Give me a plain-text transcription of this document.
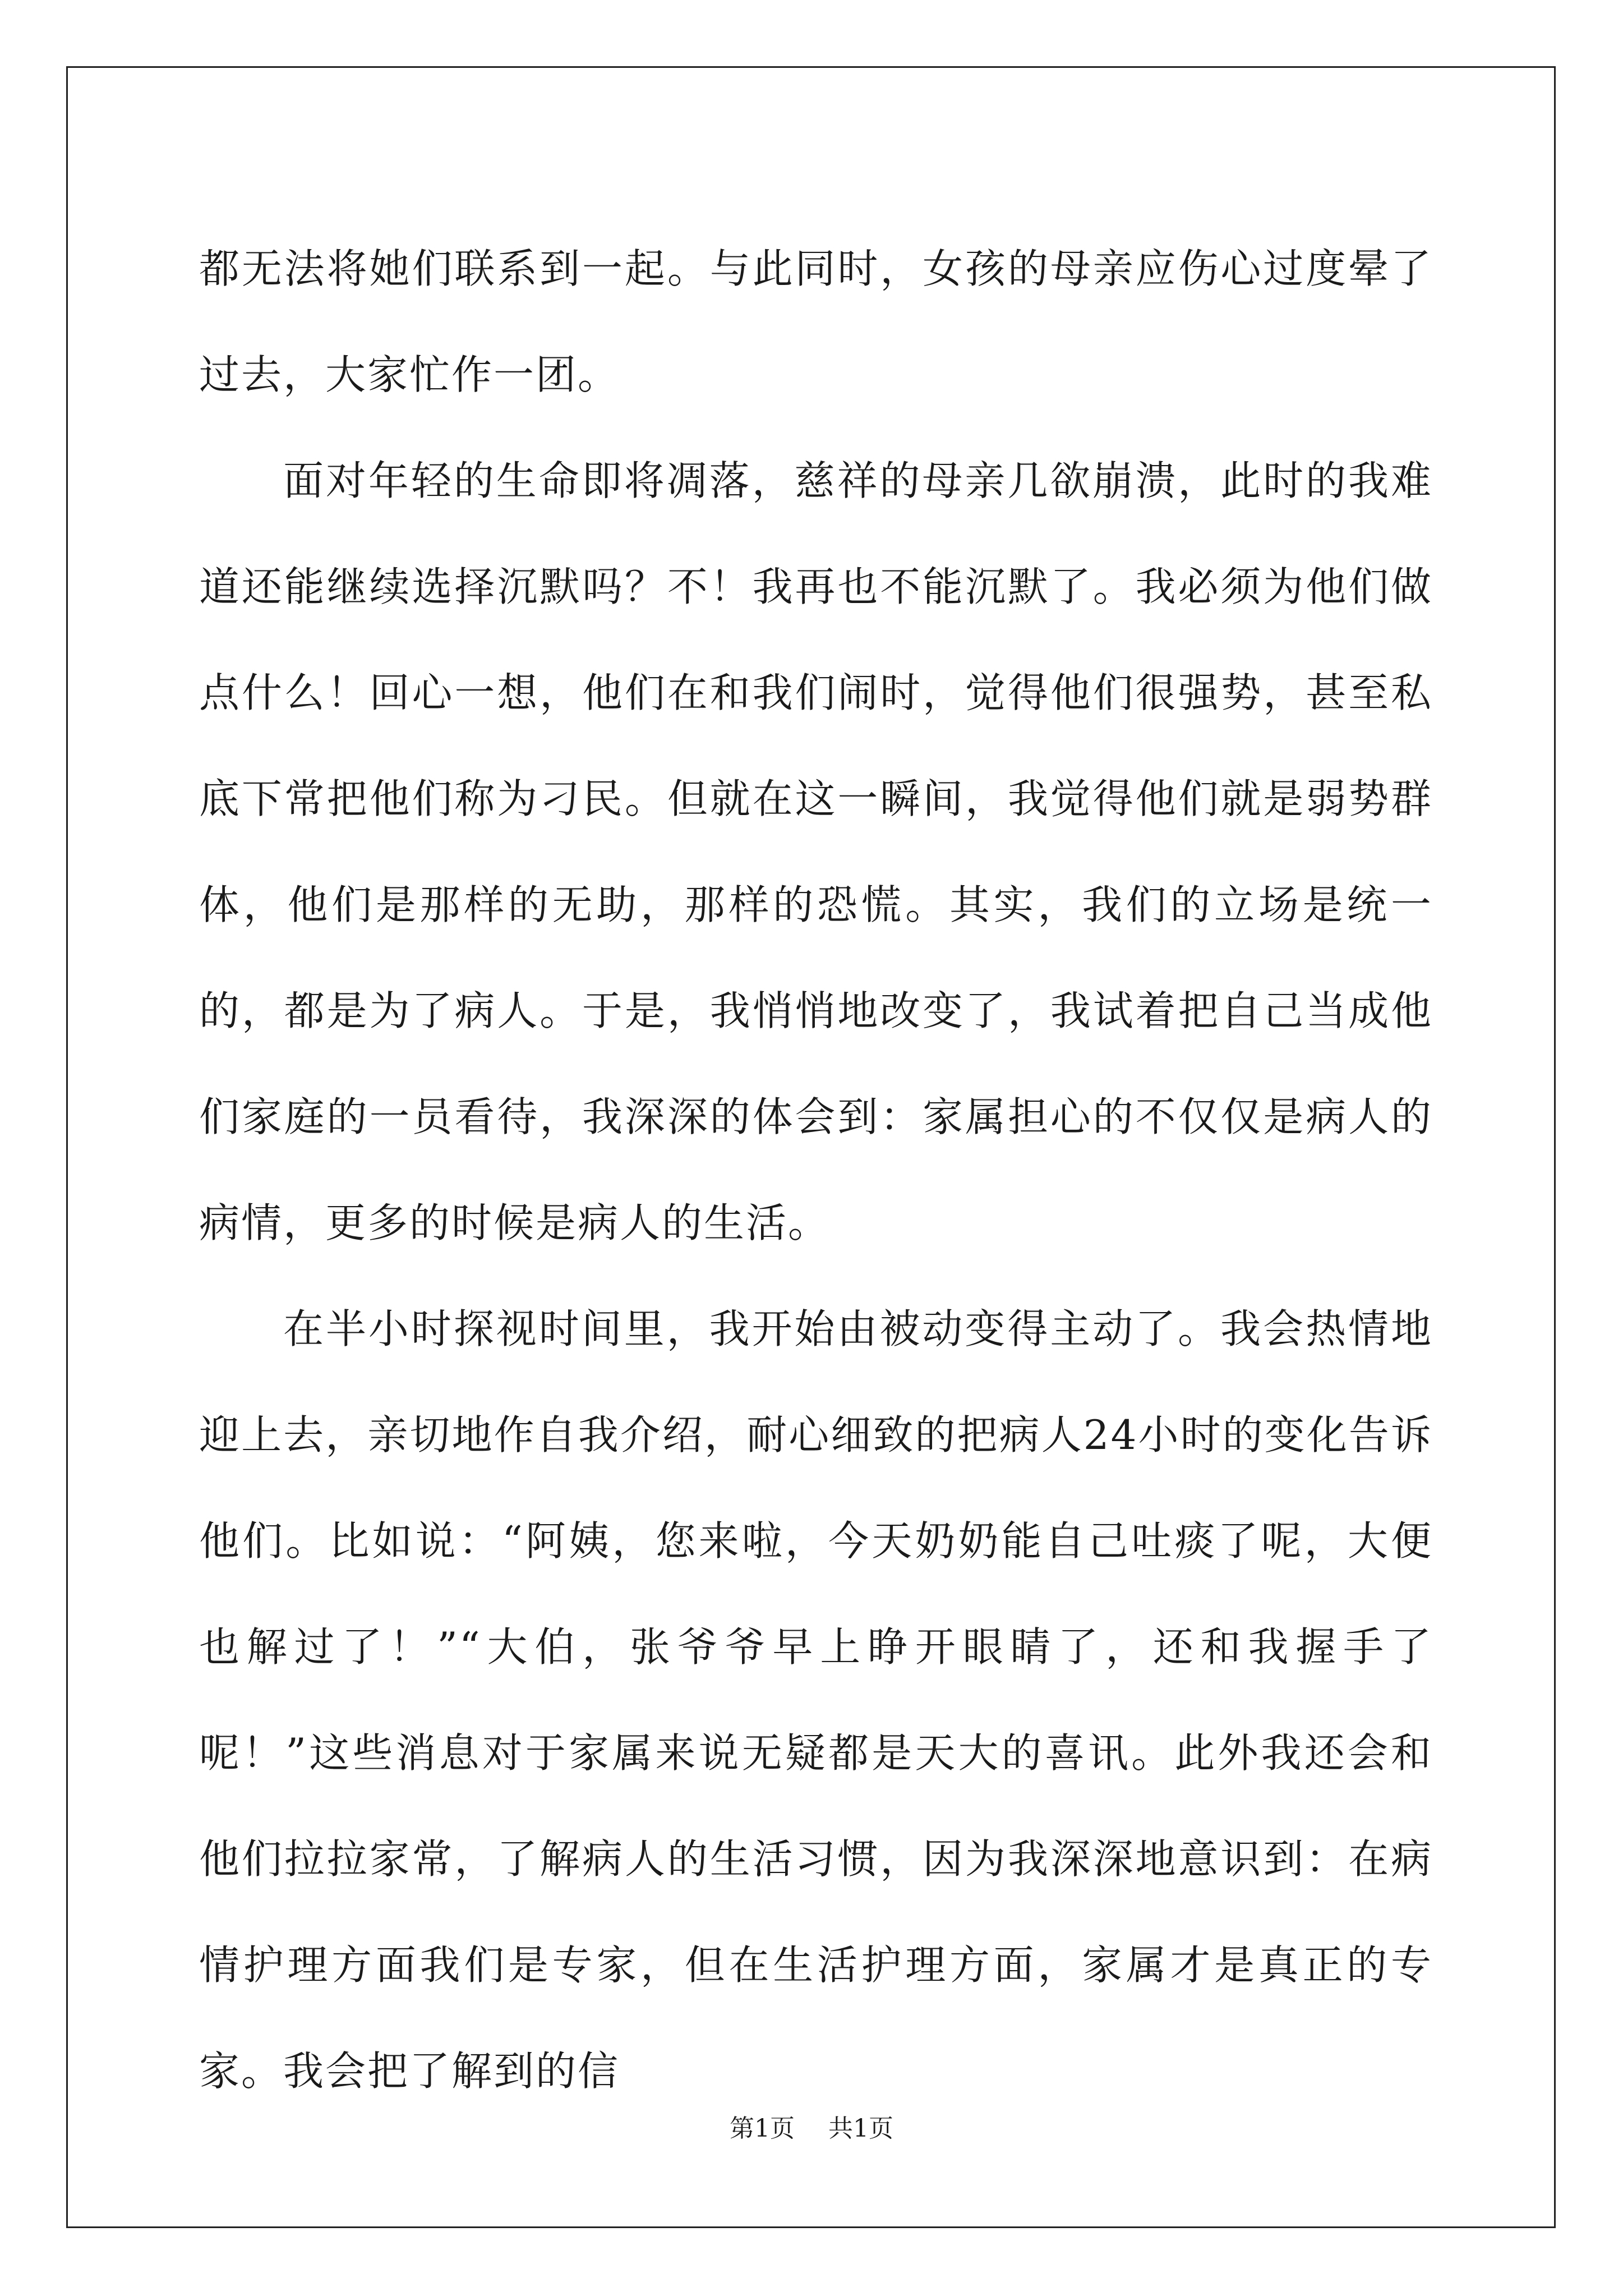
都无法将她们联系到一起。与此同时，女孩的母亲应伤心过度晕了过去，大家忙作一团。

面对年轻的生命即将凋落，慈祥的母亲几欲崩溃，此时的我难道还能继续选择沉默吗？不！我再也不能沉默了。我必须为他们做点什么！回心一想，他们在和我们闹时，觉得他们很强势，甚至私底下常把他们称为刁民。但就在这一瞬间，我觉得他们就是弱势群体，他们是那样的无助，那样的恐慌。其实，我们的立场是统一的，都是为了病人。于是，我悄悄地改变了，我试着把自己当成他们家庭的一员看待，我深深的体会到：家属担心的不仅仅是病人的病情，更多的时候是病人的生活。

在半小时探视时间里，我开始由被动变得主动了。我会热情地迎上去，亲切地作自我介绍，耐心细致的把病人24小时的变化告诉他们。比如说：“阿姨，您来啦，今天奶奶能自己吐痰了呢，大便也解过了！”“大伯，张爷爷早上睁开眼睛了，还和我握手了呢！”这些消息对于家属来说无疑都是天大的喜讯。此外我还会和他们拉拉家常，了解病人的生活习惯，因为我深深地意识到：在病情护理方面我们是专家，但在生活护理方面，家属才是真正的专家。我会把了解到的信

第1页 共1页
